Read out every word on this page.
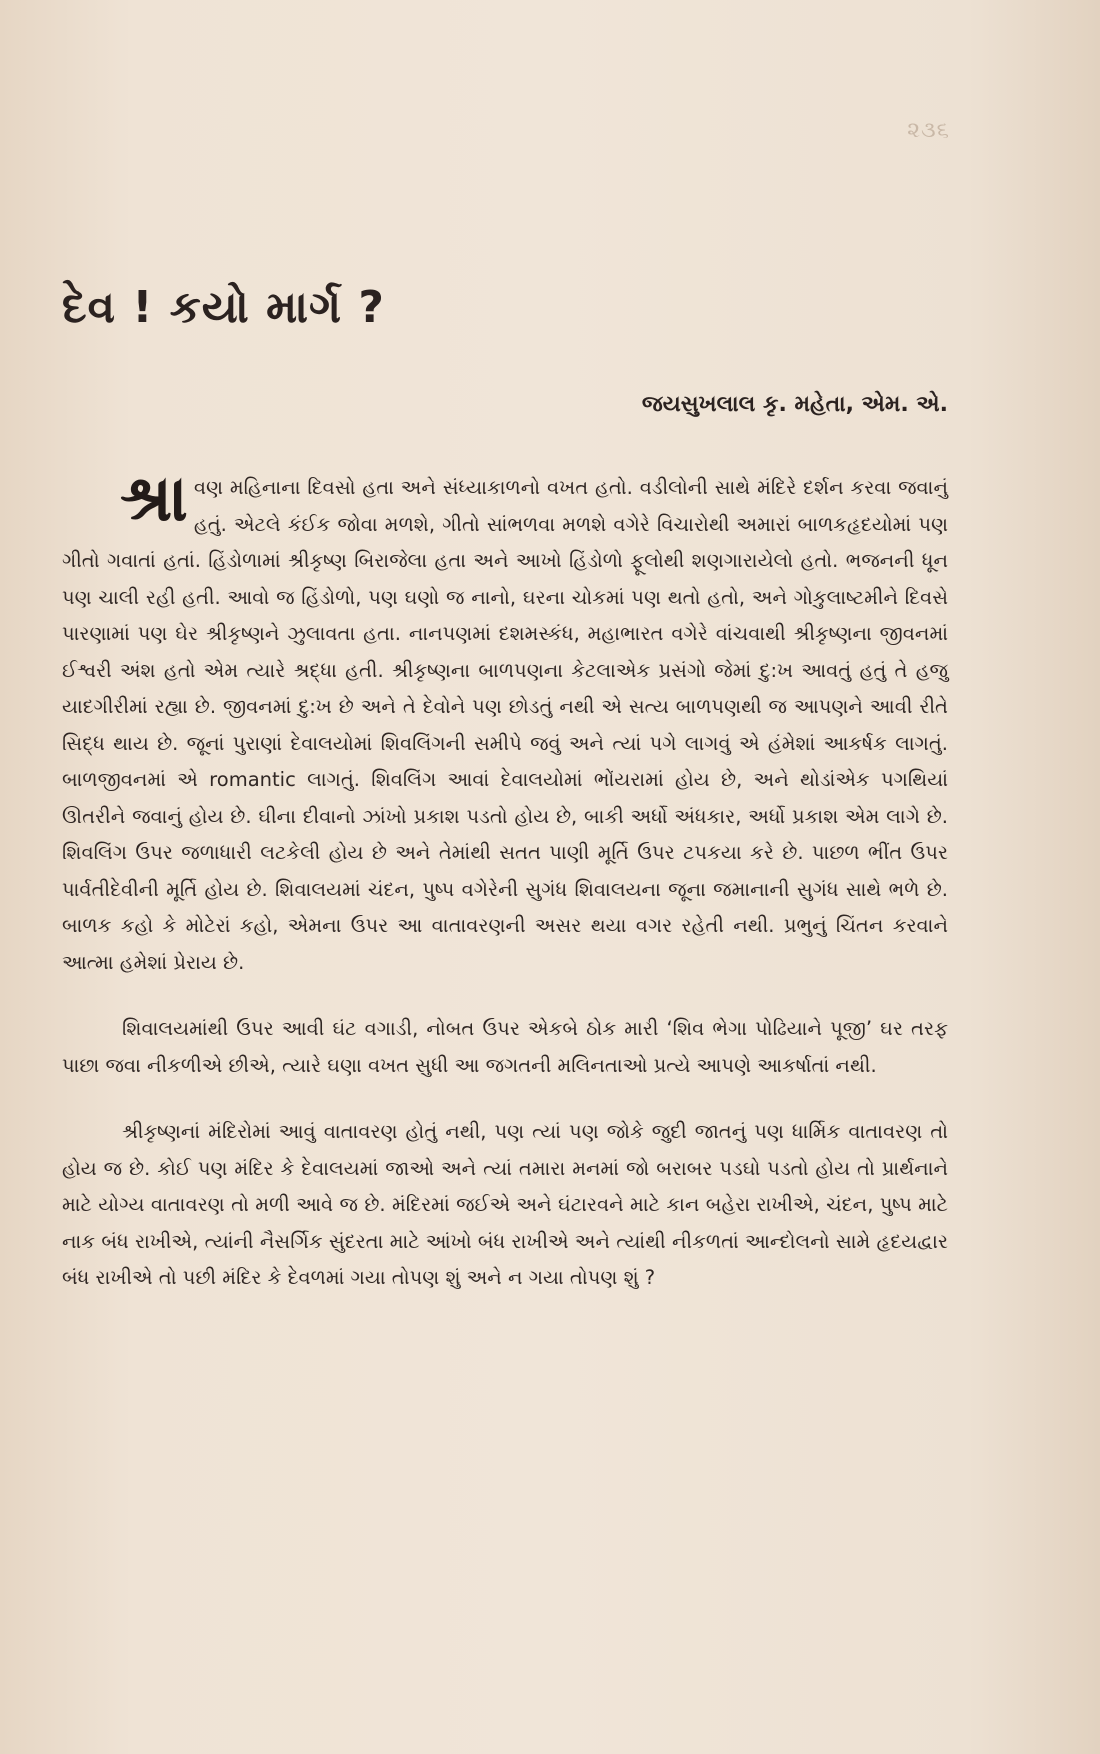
૨૩૬
દેવ ! કયો માર્ગ ?

જયસુખલાલ કૃ. મહેતા, એમ. એ.

શ્રા વણ મહિનાના દિવસો હતા અને સંધ્યાકાળનો વખત હતો. વડીલોની સાથે મંદિરે દર્શન કરવા જવાનું હતું. એટલે કંઈક જોવા મળશે, ગીતો સાંભળવા મળશે વગેરે વિચારોથી અમારાં બાળકહૃદયોમાં પણ ગીતો ગવાતાં હતાં. હિંડોળામાં શ્રીકૃષ્ણ બિરાજેલા હતા અને આખો હિંડોળો ફૂલોથી શણગારાયેલો હતો. ભજનની ધૂન પણ ચાલી રહી હતી. આવો જ હિંડોળો, પણ ઘણો જ નાનો, ઘરના ચોકમાં પણ થતો હતો, અને ગોકુલાષ્ટમીને દિવસે પારણામાં પણ ઘેર શ્રીકૃષ્ણને ઝુલાવતા હતા. નાનપણમાં દશમસ્કંધ, મહાભારત વગેરે વાંચવાથી શ્રીકૃષ્ણના જીવનમાં ઈશ્વરી અંશ હતો એમ ત્યારે શ્રદ્ધા હતી. શ્રીકૃષ્ણના બાળપણના કેટલાએક પ્રસંગો જેમાં દુ:ખ આવતું હતું તે હજુ યાદગીરીમાં રહ્યા છે. જીવનમાં દુ:ખ છે અને તે દેવોને પણ છોડતું નથી એ સત્ય બાળપણથી જ આપણને આવી રીતે સિદ્ધ થાય છે. જૂનાં પુરાણાં દેવાલયોમાં શિવલિંગની સમીપે જવું અને ત્યાં પગે લાગવું એ હંમેશાં આકર્ષક લાગતું. બાળજીવનમાં એ romantic લાગતું. શિવલિંગ આવાં દેવાલયોમાં ભોંયરામાં હોય છે, અને થોડાંએક પગથિયાં ઊતરીને જવાનું હોય છે. ઘીના દીવાનો ઝાંખો પ્રકાશ પડતો હોય છે, બાકી અર્ધો અંધકાર, અર્ધો પ્રકાશ એમ લાગે છે. શિવલિંગ ઉપર જળાધારી લટકેલી હોય છે અને તેમાંથી સતત પાણી મૂર્તિ ઉપર ટપકયા કરે છે. પાછળ ભીંત ઉપર પાર્વતીદેવીની મૂર્તિ હોય છે. શિવાલયમાં ચંદન, પુષ્પ વગેરેની સુગંધ શિવાલયના જૂના જમાનાની સુગંધ સાથે ભળે છે. બાળક કહો કે મોટેરાં કહો, એમના ઉપર આ વાતાવરણની અસર થયા વગર રહેતી નથી. પ્રભુનું ચિંતન કરવાને આત્મા હમેશાં પ્રેરાય છે.

શિવાલયમાંથી ઉપર આવી ઘંટ વગાડી, નોબત ઉપર એકબે ઠોક મારી ‘શિવ ભેગા પોઢિયાને પૂજી’ ઘર તરફ પાછા જવા નીકળીએ છીએ, ત્યારે ઘણા વખત સુધી આ જગતની મલિનતાઓ પ્રત્યે આપણે આકર્ષાતાં નથી.

શ્રીકૃષ્ણનાં મંદિરોમાં આવું વાતાવરણ હોતું નથી, પણ ત્યાં પણ જોકે જુદી જાતનું પણ ધાર્મિક વાતાવરણ તો હોય જ છે. કોઈ પણ મંદિર કે દેવાલયમાં જાઓ અને ત્યાં તમારા મનમાં જો બરાબર પડઘો પડતો હોય તો પ્રાર્થનાને માટે યોગ્ય વાતાવરણ તો મળી આવે જ છે. મંદિરમાં જઈએ અને ઘંટારવને માટે કાન બહેરા રાખીએ, ચંદન, પુષ્પ માટે નાક બંધ રાખીએ, ત્યાંની નૈસર્ગિક સુંદરતા માટે આંખો બંધ રાખીએ અને ત્યાંથી નીકળતાં આન્દોલનો સામે હૃદયદ્વાર બંધ રાખીએ તો પછી મંદિર કે દેવળમાં ગયા તોપણ શું અને ન ગયા તોપણ શું ?
